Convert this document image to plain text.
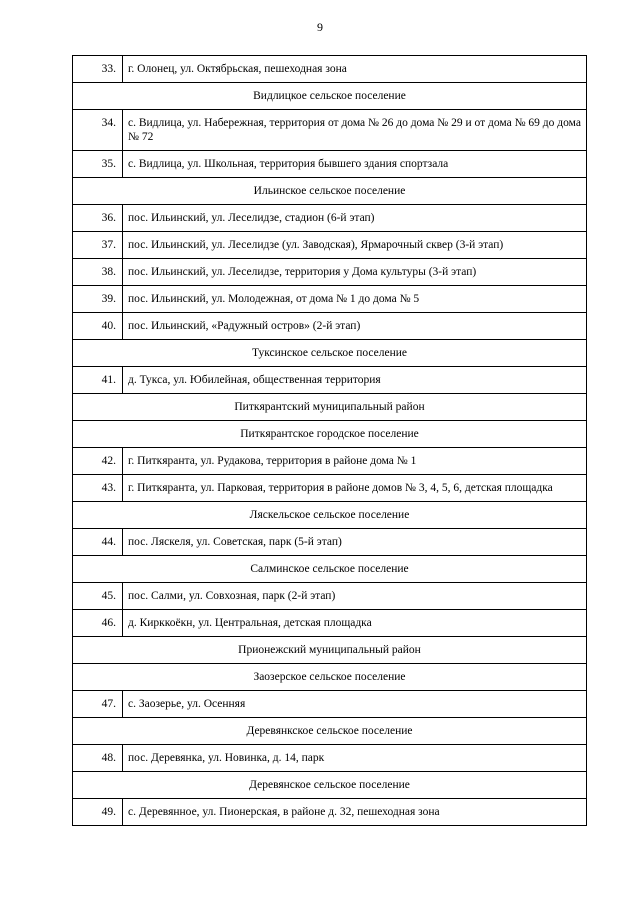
9
33.	г. Олонец, ул. Октябрьская, пешеходная зона
Видлицкое сельское поселение	
34.	с. Видлица, ул. Набережная, территория от дома № 26 до дома № 29 и от дома № 69 до дома № 72
35.	с. Видлица, ул. Школьная, территория бывшего здания спортзала
Ильинское сельское поселение	
36.	пос. Ильинский, ул. Леселидзе, стадион (6-й этап)
37.	пос. Ильинский, ул. Леселидзе (ул. Заводская), Ярмарочный сквер (3-й этап)
38.	пос. Ильинский, ул. Леселидзе, территория у Дома культуры (3-й этап)
39.	пос. Ильинский, ул. Молодежная, от дома № 1 до дома № 5
40.	пос. Ильинский, «Радужный остров» (2-й этап)
Туксинское сельское поселение	
41.	д. Тукса, ул. Юбилейная, общественная территория
Питкярантский муниципальный район	
Питкярантское городское поселение	
42.	г. Питкяранта, ул. Рудакова, территория в районе дома № 1
43.	г. Питкяранта, ул. Парковая, территория в районе домов № 3, 4, 5, 6, детская площадка
Ляскельское сельское поселение	
44.	пос. Ляскеля, ул. Советская, парк (5-й этап)
Салминское сельское поселение	
45.	пос. Салми, ул. Совхозная, парк (2-й этап)
46.	д. Кирккоёкн, ул. Центральная, детская площадка
Прионежский муниципальный район	
Заозерское сельское поселение	
47.	с. Заозерье, ул. Осенняя
Деревянкское сельское поселение	
48.	пос. Деревянка, ул. Новинка, д. 14, парк
Деревянское сельское поселение	
49.	с. Деревянное, ул. Пионерская, в районе д. 32, пешеходная зона
